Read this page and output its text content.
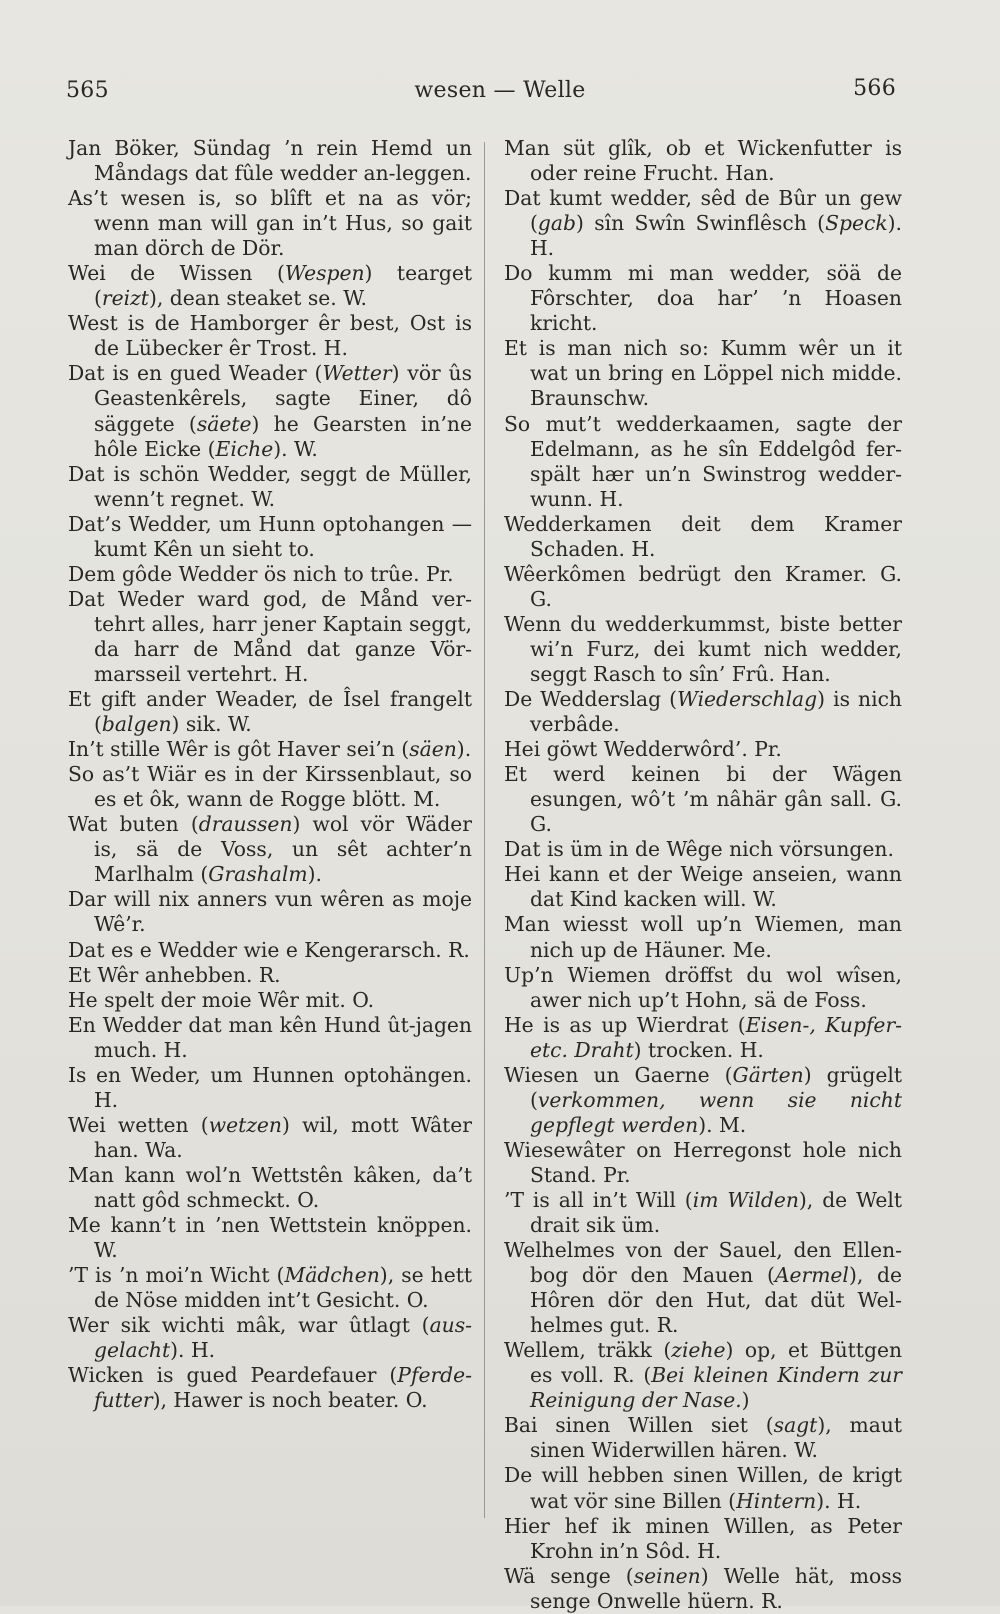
565	wesen — Welle	566
Jan Böker, Sündag ’n rein Hemd un Måndags dat fûle wedder an-leggen.
As’t wesen is, so blîft et na as vör; wenn man will gan in’t Hus, so gait man dörch de Dör.
Wei de Wissen (Wespen) tearget (reizt), dean steaket se. W.
West is de Hamborger êr best, Ost is de Lübecker êr Trost. H.
Dat is en gued Weader (Wetter) vör ûs Geastenkêrels, sagte Einer, dô säggete (säete) he Gearsten in’ne hôle Eicke (Eiche). W.
Dat is schön Wedder, seggt de Müller, wenn’t regnet. W.
Dat’s Wedder, um Hunn optohangen — kumt Kên un sieht to.
Dem gôde Wedder ös nich to trûe. Pr.
Dat Weder ward god, de Månd ver-tehrt alles, harr jener Kaptain seggt, da harr de Månd dat ganze Vör-marsseil vertehrt. H.
Et gift ander Weader, de Îsel frangelt (balgen) sik. W.
In’t stille Wêr is gôt Haver sei’n (säen).
So as’t Wiär es in der Kirssenblaut, so es et ôk, wann de Rogge blött. M.
Wat buten (draussen) wol vör Wäder is, sä de Voss, un sêt achter’n Marlhalm (Grashalm).
Dar will nix anners vun wêren as moje Wê’r.
Dat es e Wedder wie e Kengerarsch. R.
Et Wêr anhebben. R.
He spelt der moie Wêr mit. O.
En Wedder dat man kên Hund ût-jagen much. H.
Is en Weder, um Hunnen optohängen. H.
Wei wetten (wetzen) wil, mott Wâter han. Wa.
Man kann wol’n Wettstên kâken, da’t natt gôd schmeckt. O.
Me kann’t in ’nen Wettstein knöppen. W.
’T is ’n moi’n Wicht (Mädchen), se hett de Nöse midden int’t Gesicht. O.
Wer sik wichti mâk, war ûtlagt (aus-gelacht). H.
Wicken is gued Peardefauer (Pferde-futter), Hawer is noch beater. O.
Man süt glîk, ob et Wickenfutter is oder reine Frucht. Han.
Dat kumt wedder, sêd de Bûr un gew (gab) sîn Swîn Swinflêsch (Speck). H.
Do kumm mi man wedder, söä de Fôrschter, doa har’ ’n Hoasen kricht.
Et is man nich so: Kumm wêr un it wat un bring en Löppel nich midde. Braunschw.
So mut’t wedderkaamen, sagte der Edelmann, as he sîn Eddelgôd fer-spält hær un’n Swinstrog wedder-wunn. H.
Wedderkamen deit dem Kramer Schaden. H.
Wêerkômen bedrügt den Kramer. G. G.
Wenn du wedderkummst, biste better wi’n Furz, dei kumt nich wedder, seggt Rasch to sîn’ Frû. Han.
De Wedderslag (Wiederschlag) is nich verbâde.
Hei göwt Wedderwôrd’. Pr.
Et werd keinen bi der Wägen esungen, wô’t ’m nâhär gân sall. G. G.
Dat is üm in de Wêge nich vörsungen.
Hei kann et der Weige anseien, wann dat Kind kacken will. W.
Man wiesst woll up’n Wiemen, man nich up de Häuner. Me.
Up’n Wiemen dröffst du wol wîsen, awer nich up’t Hohn, sä de Foss.
He is as up Wierdrat (Eisen-, Kupfer- etc. Draht) trocken. H.
Wiesen un Gaerne (Gärten) grügelt (verkommen, wenn sie nicht gepflegt werden). M.
Wiesewâter on Herregonst hole nich Stand. Pr.
’T is all in’t Will (im Wilden), de Welt drait sik üm.
Welhelmes von der Sauel, den Ellen-bog dör den Mauen (Aermel), de Hôren dör den Hut, dat düt Wel-helmes gut. R.
Wellem, träkk (ziehe) op, et Büttgen es voll. R. (Bei kleinen Kindern zur Reinigung der Nase.)
Bai sinen Willen siet (sagt), maut sinen Widerwillen hären. W.
De will hebben sinen Willen, de krigt wat vör sine Billen (Hintern). H.
Hier hef ik minen Willen, as Peter Krohn in’n Sôd. H.
Wä senge (seinen) Welle hät, moss senge Onwelle hüern. R.
